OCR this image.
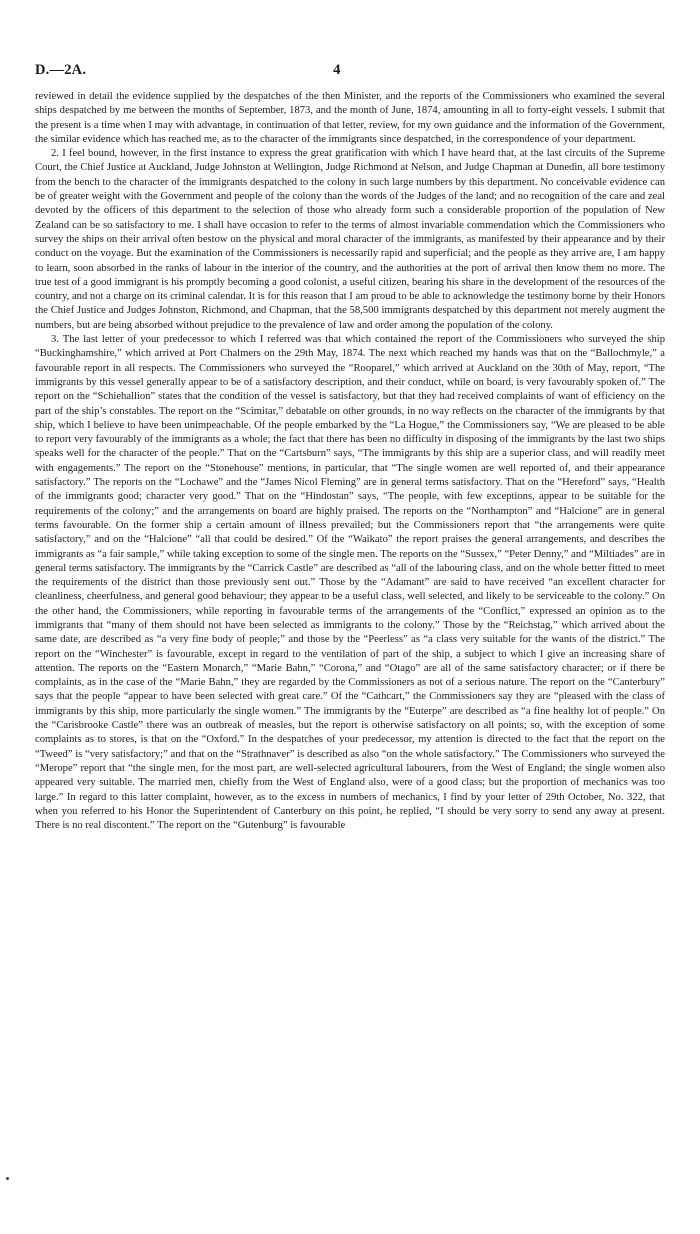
D.—2A.	4

reviewed in detail the evidence supplied by the despatches of the then Minister, and the reports of the Commissioners who examined the several ships despatched by me between the months of September, 1873, and the month of June, 1874, amounting in all to forty-eight vessels. I submit that the present is a time when I may with advantage, in continuation of that letter, review, for my own guidance and the information of the Government, the similar evidence which has reached me, as to the character of the immigrants since despatched, in the correspondence of your department.

2. I feel bound, however, in the first instance to express the great gratification with which I have heard that, at the last circuits of the Supreme Court, the Chief Justice at Auckland, Judge Johnston at Wellington, Judge Richmond at Nelson, and Judge Chapman at Dunedin, all bore testimony from the bench to the character of the immigrants despatched to the colony in such large numbers by this department. No conceivable evidence can be of greater weight with the Government and people of the colony than the words of the Judges of the land; and no recognition of the care and zeal devoted by the officers of this department to the selection of those who already form such a considerable proportion of the population of New Zealand can be so satisfactory to me. I shall have occasion to refer to the terms of almost invariable commendation which the Commissioners who survey the ships on their arrival often bestow on the physical and moral character of the immigrants, as manifested by their appearance and by their conduct on the voyage. But the examination of the Commissioners is necessarily rapid and superficial; and the people as they arrive are, I am happy to learn, soon absorbed in the ranks of labour in the interior of the country, and the authorities at the port of arrival then know them no more. The true test of a good immigrant is his promptly becoming a good colonist, a useful citizen, bearing his share in the development of the resources of the country, and not a charge on its criminal calendar. It is for this reason that I am proud to be able to acknowledge the testimony borne by their Honors the Chief Justice and Judges Johnston, Richmond, and Chapman, that the 58,500 immigrants despatched by this department not merely augment the numbers, but are being absorbed without prejudice to the prevalence of law and order among the population of the colony.

3. The last letter of your predecessor to which I referred was that which contained the report of the Commissioners who surveyed the ship “Buckinghamshire,” which arrived at Port Chalmers on the 29th May, 1874. The next which reached my hands was that on the “Ballochmyle,” a favourable report in all respects. The Commissioners who surveyed the “Rooparel,” which arrived at Auckland on the 30th of May, report, “The immigrants by this vessel generally appear to be of a satisfactory description, and their conduct, while on board, is very favourably spoken of.” The report on the “Schiehallion” states that the condition of the vessel is satisfactory, but that they had received complaints of want of efficiency on the part of the ship’s constables. The report on the “Scimitar,” debatable on other grounds, in no way reflects on the character of the immigrants by that ship, which I believe to have been unimpeachable. Of the people embarked by the “La Hogue,” the Commissioners say, “We are pleased to be able to report very favourably of the immigrants as a whole; the fact that there has been no difficulty in disposing of the immigrants by the last two ships speaks well for the character of the people.” That on the “Cartsburn” says, “The immigrants by this ship are a superior class, and will readily meet with engagements.” The report on the “Stonehouse” mentions, in particular, that “The single women are well reported of, and their appearance satisfactory.” The reports on the “Lochawe” and the “James Nicol Fleming” are in general terms satisfactory. That on the “Hereford” says, “Health of the immigrants good; character very good.” That on the “Hindostan” says, “The people, with few exceptions, appear to be suitable for the requirements of the colony;” and the arrangements on board are highly praised. The reports on the “Northampton” and “Halcione” are in general terms favourable. On the former ship a certain amount of illness prevailed; but the Commissioners report that “the arrangements were quite satisfactory,” and on the “Halcione” “all that could be desired.” Of the “Waikato” the report praises the general arrangements, and describes the immigrants as “a fair sample,” while taking exception to some of the single men. The reports on the “Sussex,” “Peter Denny,” and “Miltiades” are in general terms satisfactory. The immigrants by the “Carrick Castle” are described as “all of the labouring class, and on the whole better fitted to meet the requirements of the district than those previously sent out.” Those by the “Adamant” are said to have received “an excellent character for cleanliness, cheerfulness, and general good behaviour; they appear to be a useful class, well selected, and likely to be serviceable to the colony.” On the other hand, the Commissioners, while reporting in favourable terms of the arrangements of the “Conflict,” expressed an opinion as to the immigrants that “many of them should not have been selected as immigrants to the colony.” Those by the “Reichstag,” which arrived about the same date, are described as “a very fine body of people;” and those by the “Peerless” as “a class very suitable for the wants of the district.” The report on the “Winchester” is favourable, except in regard to the ventilation of part of the ship, a subject to which I give an increasing share of attention. The reports on the “Eastern Monarch,” “Marie Bahn,” “Corona,” and “Otago” are all of the same satisfactory character; or if there be complaints, as in the case of the “Marie Bahn,” they are regarded by the Commissioners as not of a serious nature. The report on the “Canterbury” says that the people “appear to have been selected with great care.” Of the “Cathcart,” the Commissioners say they are “pleased with the class of immigrants by this ship, more particularly the single women.” The immigrants by the “Euterpe” are described as “a fine healthy lot of people.” On the “Carisbrooke Castle” there was an outbreak of measles, but the report is otherwise satisfactory on all points; so, with the exception of some complaints as to stores, is that on the “Oxford.” In the despatches of your predecessor, my attention is directed to the fact that the report on the “Tweed” is “very satisfactory;” and that on the “Strathnaver” is described as also “on the whole satisfactory.” The Commissioners who surveyed the “Merope” report that “the single men, for the most part, are well-selected agricultural labourers, from the West of England; the single women also appeared very suitable. The married men, chiefly from the West of England also, were of a good class; but the proportion of mechanics was too large.” In regard to this latter complaint, however, as to the excess in numbers of mechanics, I find by your letter of 29th October, No. 322, that when you referred to his Honor the Superintendent of Canterbury on this point, he replied, “I should be very sorry to send any away at present. There is no real discontent.” The report on the “Gutenburg” is favourable
